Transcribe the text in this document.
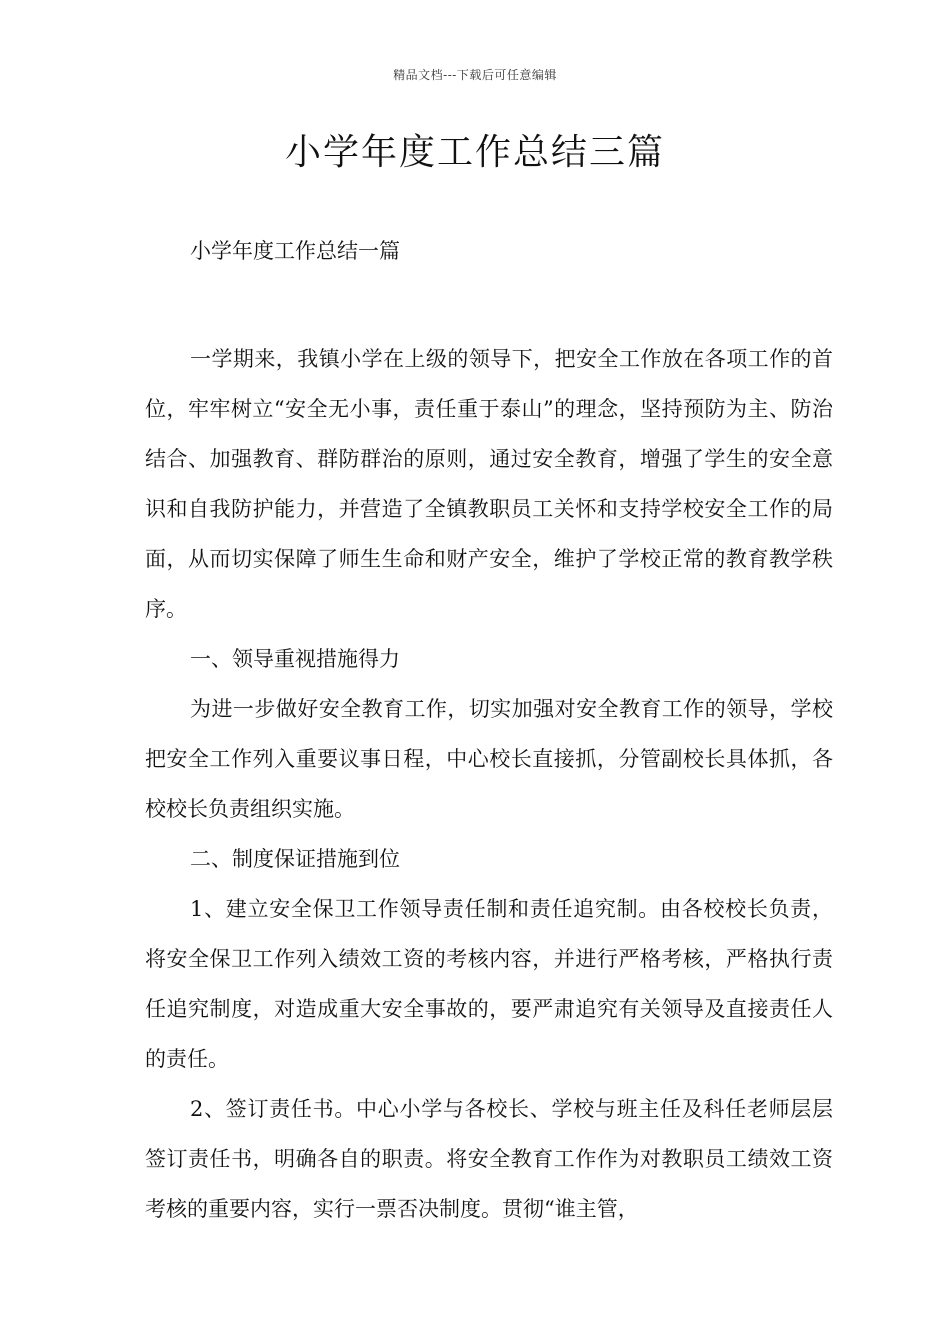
精品文档---下载后可任意编辑
小学年度工作总结三篇

小学年度工作总结一篇

一学期来，我镇小学在上级的领导下，把安全工作放在各项工作的首位，牢牢树立“安全无小事，责任重于泰山”的理念，坚持预防为主、防治结合、加强教育、群防群治的原则，通过安全教育，增强了学生的安全意识和自我防护能力，并营造了全镇教职员工关怀和支持学校安全工作的局面，从而切实保障了师生生命和财产安全，维护了学校正常的教育教学秩序。

一、领导重视措施得力

为进一步做好安全教育工作，切实加强对安全教育工作的领导，学校把安全工作列入重要议事日程，中心校长直接抓，分管副校长具体抓，各校校长负责组织实施。

二、制度保证措施到位

1、建立安全保卫工作领导责任制和责任追究制。由各校校长负责，将安全保卫工作列入绩效工资的考核内容，并进行严格考核，严格执行责任追究制度，对造成重大安全事故的，要严肃追究有关领导及直接责任人的责任。

2、签订责任书。中心小学与各校长、学校与班主任及科任老师层层签订责任书，明确各自的职责。将安全教育工作作为对教职员工绩效工资考核的重要内容，实行一票否决制度。贯彻“谁主管，
